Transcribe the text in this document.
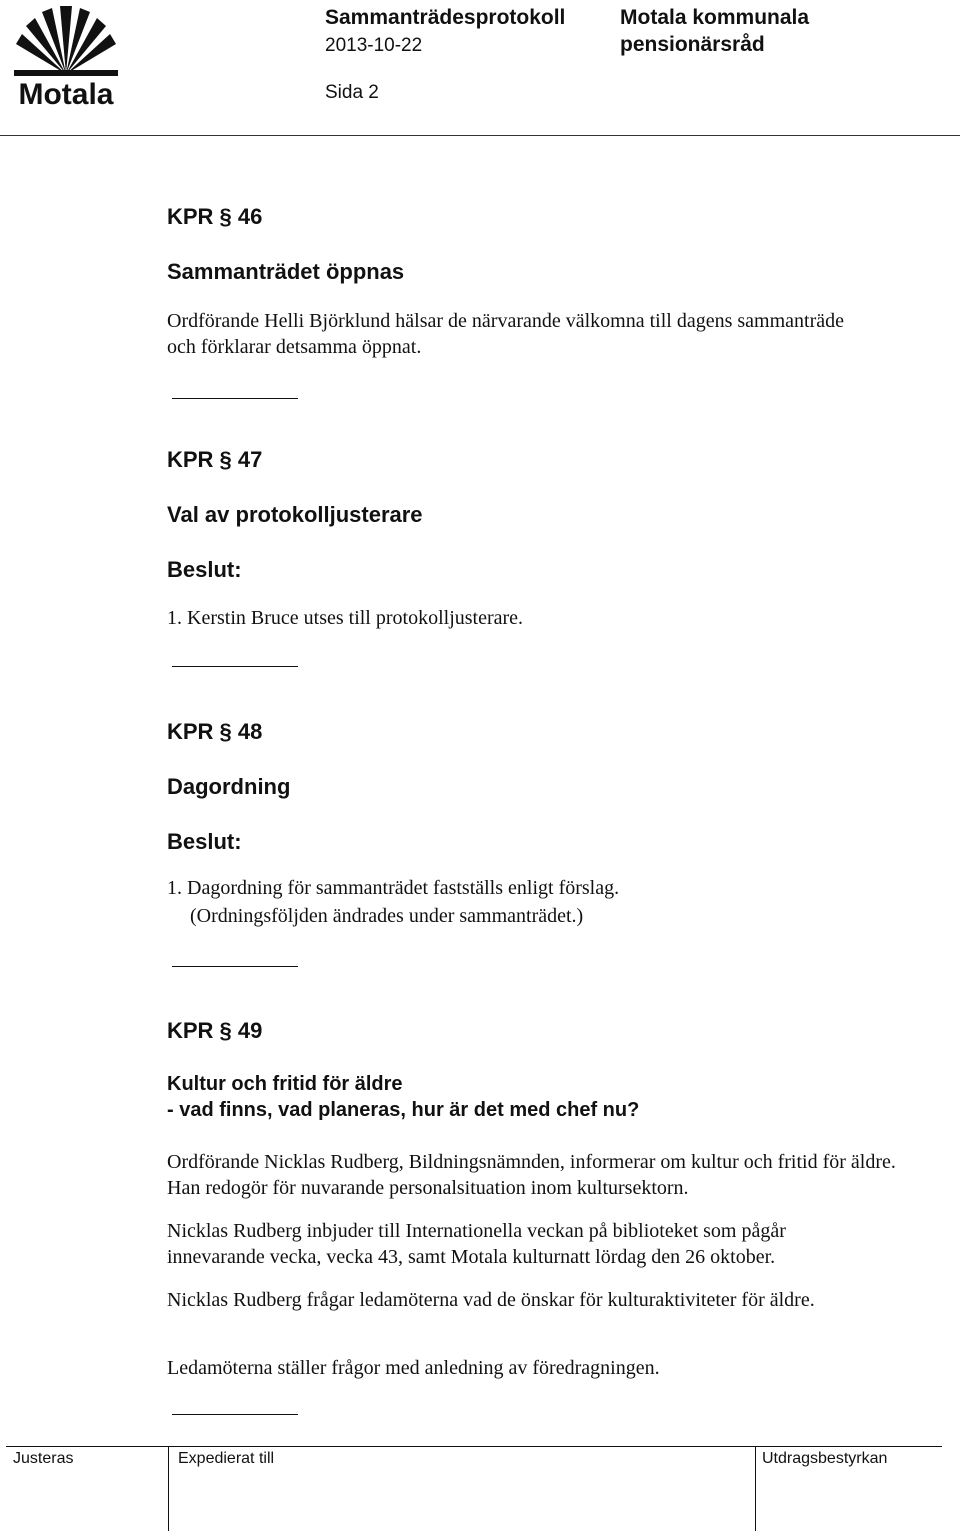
Motala
Sammanträdesprotokoll
2013-10-22
Sida 2
Motala kommunala
pensionärsråd
KPR § 46
Sammanträdet öppnas
Ordförande Helli Björklund hälsar de närvarande välkomna till dagens sammanträde och förklarar detsamma öppnat.
KPR § 47
Val av protokolljusterare
Beslut:
1. Kerstin Bruce utses till protokolljusterare.
KPR § 48
Dagordning
Beslut:
1. Dagordning för sammanträdet fastställs enligt förslag.
(Ordningsföljden ändrades under sammanträdet.)
KPR § 49
Kultur och fritid för äldre
- vad finns, vad planeras, hur är det med chef nu?
Ordförande Nicklas Rudberg, Bildningsnämnden, informerar om kultur och fritid för äldre. Han redogör för nuvarande personalsituation inom kultursektorn.
Nicklas Rudberg inbjuder till Internationella veckan på biblioteket som pågår innevarande vecka, vecka 43, samt Motala kulturnatt lördag den 26 oktober.
Nicklas Rudberg frågar ledamöterna vad de önskar för kulturaktiviteter för äldre.
Ledamöterna ställer frågor med anledning av föredragningen.
Justeras	Expedierat till	Utdragsbestyrkan
